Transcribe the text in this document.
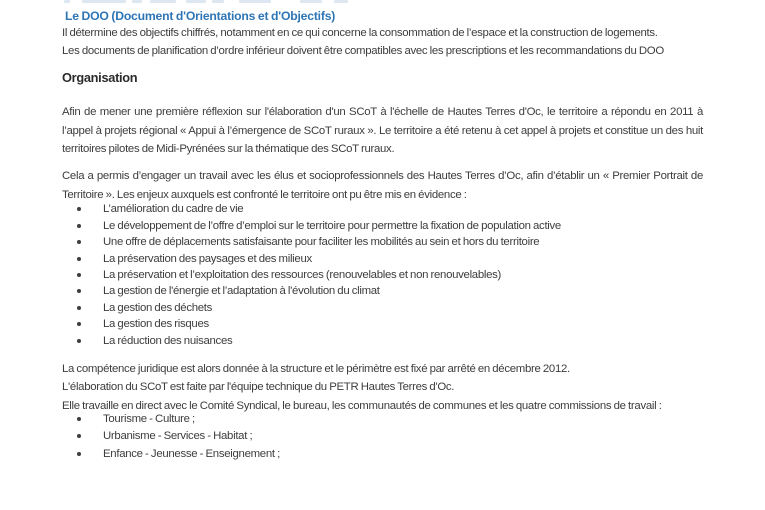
Le DOO (Document d'Orientations et d'Objectifs)

Il détermine des objectifs chiffrés, notamment en ce qui concerne la consommation de l’espace et la construction de logements.

Les documents de planification d’ordre inférieur doivent être compatibles avec les prescriptions et les recommandations du DOO

Organisation

Afin de mener une première réflexion sur l'élaboration d'un SCoT à l'échelle de Hautes Terres d'Oc, le territoire a répondu en 2011 à l’appel à projets régional « Appui à l’émergence de SCoT ruraux ». Le territoire a été retenu à cet appel à projets et constitue un des huit territoires pilotes de Midi-Pyrénées sur la thématique des SCoT ruraux.

Cela a permis d’engager un travail avec les élus et socioprofessionnels des Hautes Terres d’Oc, afin d’établir un « Premier Portrait de Territoire ». Les enjeux auxquels est confronté le territoire ont pu être mis en évidence :

L’amélioration du cadre de vie
Le développement de l’offre d’emploi sur le territoire pour permettre la fixation de population active
Une offre de déplacements satisfaisante pour faciliter les mobilités au sein et hors du territoire
La préservation des paysages et des milieux
La préservation et l’exploitation des ressources (renouvelables et non renouvelables)
La gestion de l'énergie et l’adaptation à l'évolution du climat
La gestion des déchets
La gestion des risques
La réduction des nuisances

La compétence juridique est alors donnée à la structure et le périmètre est fixé par arrêté en décembre 2012.

L'élaboration du SCoT est faite par l'équipe technique du PETR Hautes Terres d'Oc.

Elle travaille en direct avec le Comité Syndical, le bureau, les communautés de communes et les quatre commissions de travail :

Tourisme - Culture ;
Urbanisme - Services - Habitat ;
Enfance - Jeunesse - Enseignement ;
